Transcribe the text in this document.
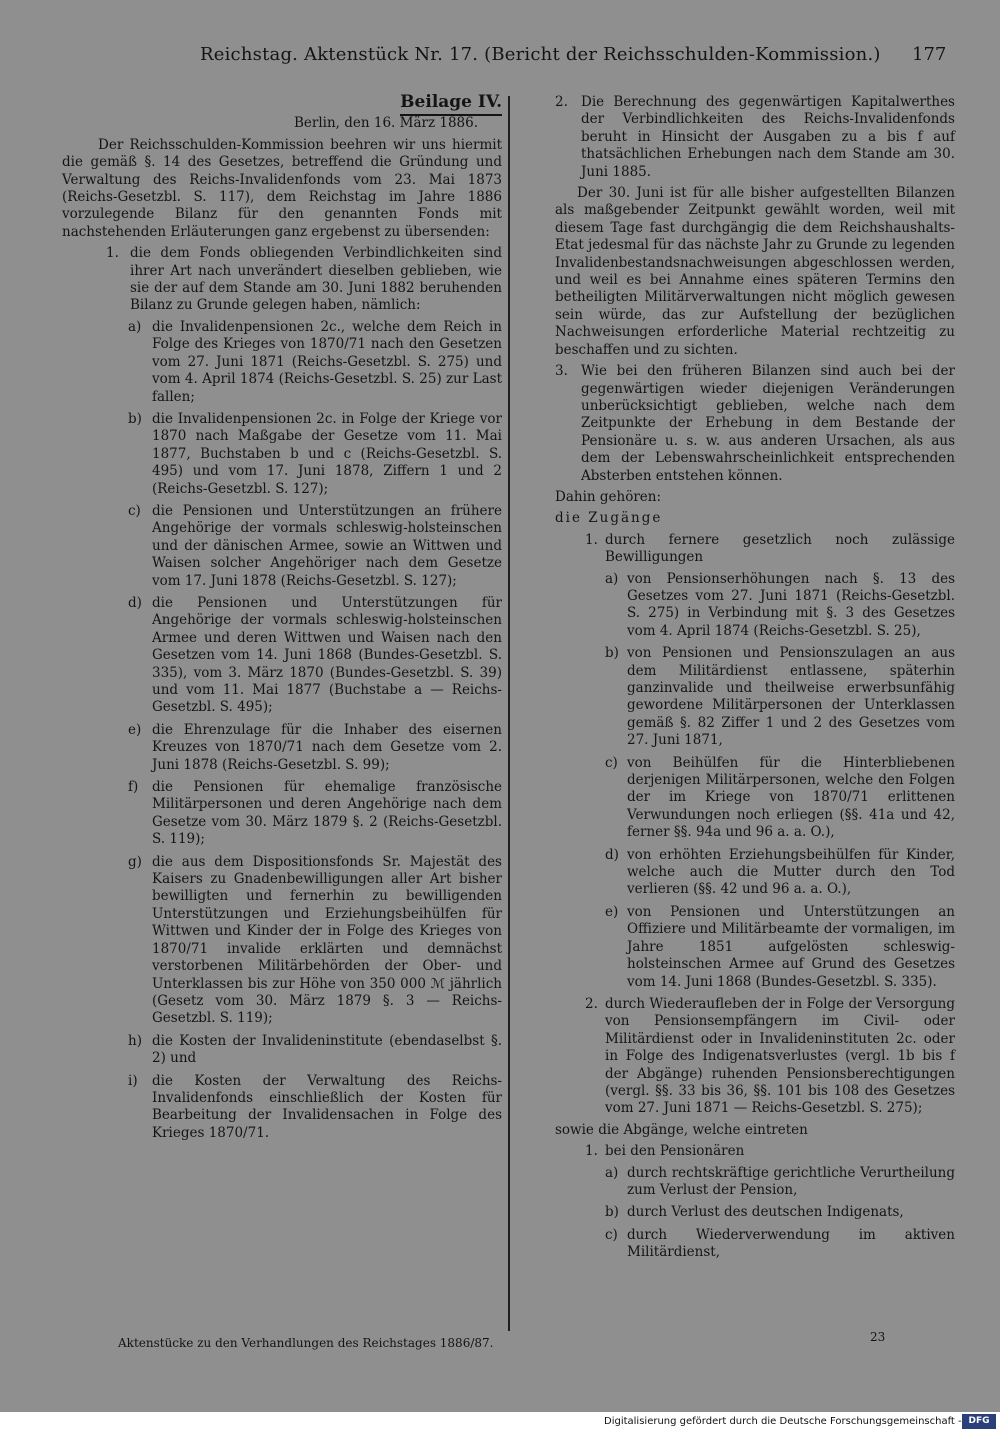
Reichstag. Aktenstück Nr. 17. (Bericht der Reichsschulden-Kommission.) 177

Beilage IV.

Berlin, den 16. März 1886.

Der Reichsschulden-Kommission beehren wir uns hiermit die gemäß §. 14 des Gesetzes, betreffend die Gründung und Verwaltung des Reichs-Invalidenfonds vom 23. Mai 1873 (Reichs-Gesetzbl. S. 117), dem Reichstag im Jahre 1886 vorzulegende Bilanz für den genannten Fonds mit nachstehenden Erläuterungen ganz ergebenst zu übersenden:

1. die dem Fonds obliegenden Verbindlichkeiten sind ihrer Art nach unverändert dieselben geblieben, wie sie der auf dem Stande am 30. Juni 1882 beruhenden Bilanz zu Grunde gelegen haben, nämlich:
a) die Invalidenpensionen 2c., welche dem Reich in Folge des Krieges von 1870/71 nach den Gesetzen vom 27. Juni 1871 (Reichs-Gesetzbl. S. 275) und vom 4. April 1874 (Reichs-Gesetzbl. S. 25) zur Last fallen;
b) die Invalidenpensionen 2c. in Folge der Kriege vor 1870 nach Maßgabe der Gesetze vom 11. Mai 1877, Buchstaben b und c (Reichs-Gesetzbl. S. 495) und vom 17. Juni 1878, Ziffern 1 und 2 (Reichs-Gesetzbl. S. 127);
c) die Pensionen und Unterstützungen an frühere Angehörige der vormals schleswig-holsteinschen und der dänischen Armee, sowie an Wittwen und Waisen solcher Angehöriger nach dem Gesetze vom 17. Juni 1878 (Reichs-Gesetzbl. S. 127);
d) die Pensionen und Unterstützungen für Angehörige der vormals schleswig-holsteinschen Armee und deren Wittwen und Waisen nach den Gesetzen vom 14. Juni 1868 (Bundes-Gesetzbl. S. 335), vom 3. März 1870 (Bundes-Gesetzbl. S. 39) und vom 11. Mai 1877 (Buchstabe a — Reichs-Gesetzbl. S. 495);
e) die Ehrenzulage für die Inhaber des eisernen Kreuzes von 1870/71 nach dem Gesetze vom 2. Juni 1878 (Reichs-Gesetzbl. S. 99);
f) die Pensionen für ehemalige französische Militärpersonen und deren Angehörige nach dem Gesetze vom 30. März 1879 §. 2 (Reichs-Gesetzbl. S. 119);
g) die aus dem Dispositionsfonds Sr. Majestät des Kaisers zu Gnadenbewilligungen aller Art bisher bewilligten und fernerhin zu bewilligenden Unterstützungen und Erziehungsbeihülfen für Wittwen und Kinder der in Folge des Krieges von 1870/71 invalide erklärten und demnächst verstorbenen Militärbehörden der Ober- und Unterklassen bis zur Höhe von 350 000 ℳ jährlich (Gesetz vom 30. März 1879 §. 3 — Reichs-Gesetzbl. S. 119);
h) die Kosten der Invalideninstitute (ebendaselbst §. 2) und
i) die Kosten der Verwaltung des Reichs-Invalidenfonds einschließlich der Kosten für Bearbeitung der Invalidensachen in Folge des Krieges 1870/71.
2. Die Berechnung des gegenwärtigen Kapitalwerthes der Verbindlichkeiten des Reichs-Invalidenfonds beruht in Hinsicht der Ausgaben zu a bis f auf thatsächlichen Erhebungen nach dem Stande am 30. Juni 1885.

Der 30. Juni ist für alle bisher aufgestellten Bilanzen als maßgebender Zeitpunkt gewählt worden, weil mit diesem Tage fast durchgängig die dem Reichshaushalts-Etat jedesmal für das nächste Jahr zu Grunde zu legenden Invalidenbestandsnachweisungen abgeschlossen werden, und weil es bei Annahme eines späteren Termins den betheiligten Militärverwaltungen nicht möglich gewesen sein würde, das zur Aufstellung der bezüglichen Nachweisungen erforderliche Material rechtzeitig zu beschaffen und zu sichten.

3. Wie bei den früheren Bilanzen sind auch bei der gegenwärtigen wieder diejenigen Veränderungen unberücksichtigt geblieben, welche nach dem Zeitpunkte der Erhebung in dem Bestande der Pensionäre u. s. w. aus anderen Ursachen, als aus dem der Lebenswahrscheinlichkeit entsprechenden Absterben entstehen können.

Dahin gehören:

die Zugänge

1. durch fernere gesetzlich noch zulässige Bewilligungen
a) von Pensionserhöhungen nach §. 13 des Gesetzes vom 27. Juni 1871 (Reichs-Gesetzbl. S. 275) in Verbindung mit §. 3 des Gesetzes vom 4. April 1874 (Reichs-Gesetzbl. S. 25),
b) von Pensionen und Pensionszulagen an aus dem Militärdienst entlassene, späterhin ganzinvalide und theilweise erwerbsunfähig gewordene Militärpersonen der Unterklassen gemäß §. 82 Ziffer 1 und 2 des Gesetzes vom 27. Juni 1871,
c) von Beihülfen für die Hinterbliebenen derjenigen Militärpersonen, welche den Folgen der im Kriege von 1870/71 erlittenen Verwundungen noch erliegen (§§. 41a und 42, ferner §§. 94a und 96 a. a. O.),
d) von erhöhten Erziehungsbeihülfen für Kinder, welche auch die Mutter durch den Tod verlieren (§§. 42 und 96 a. a. O.),
e) von Pensionen und Unterstützungen an Offiziere und Militärbeamte der vormaligen, im Jahre 1851 aufgelösten schleswig-holsteinschen Armee auf Grund des Gesetzes vom 14. Juni 1868 (Bundes-Gesetzbl. S. 335).
2. durch Wiederaufleben der in Folge der Versorgung von Pensionsempfängern im Civil- oder Militärdienst oder in Invalideninstituten 2c. oder in Folge des Indigenatsverlustes (vergl. 1b bis f der Abgänge) ruhenden Pensionsberechtigungen (vergl. §§. 33 bis 36, §§. 101 bis 108 des Gesetzes vom 27. Juni 1871 — Reichs-Gesetzbl. S. 275);

sowie die Abgänge, welche eintreten

1. bei den Pensionären
a) durch rechtskräftige gerichtliche Verurtheilung zum Verlust der Pension,
b) durch Verlust des deutschen Indigenats,
c) durch Wiederverwendung im aktiven Militärdienst,
Aktenstücke zu den Verhandlungen des Reichstages 1886/87.	23
Digitalisierung gefördert durch die Deutsche Forschungsgemeinschaft - DFG
